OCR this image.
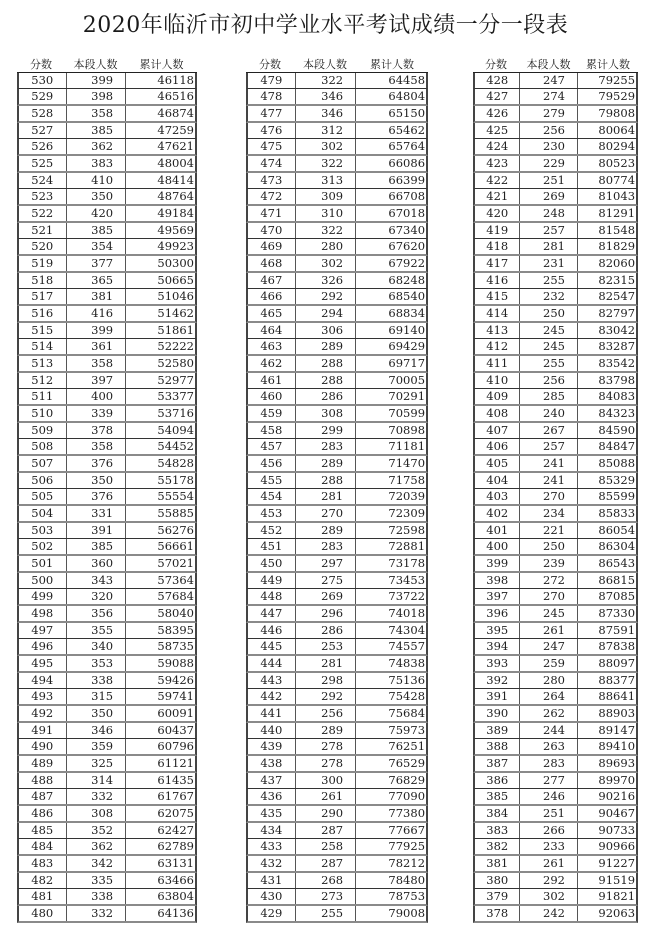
2020年临沂市初中学业水平考试成绩一分一段表
分数	本段人数	累计人数
530	399	46118
529	398	46516
528	358	46874
527	385	47259
526	362	47621
525	383	48004
524	410	48414
523	350	48764
522	420	49184
521	385	49569
520	354	49923
519	377	50300
518	365	50665
517	381	51046
516	416	51462
515	399	51861
514	361	52222
513	358	52580
512	397	52977
511	400	53377
510	339	53716
509	378	54094
508	358	54452
507	376	54828
506	350	55178
505	376	55554
504	331	55885
503	391	56276
502	385	56661
501	360	57021
500	343	57364
499	320	57684
498	356	58040
497	355	58395
496	340	58735
495	353	59088
494	338	59426
493	315	59741
492	350	60091
491	346	60437
490	359	60796
489	325	61121
488	314	61435
487	332	61767
486	308	62075
485	352	62427
484	362	62789
483	342	63131
482	335	63466
481	338	63804
480	332	64136
分数	本段人数	累计人数
479	322	64458
478	346	64804
477	346	65150
476	312	65462
475	302	65764
474	322	66086
473	313	66399
472	309	66708
471	310	67018
470	322	67340
469	280	67620
468	302	67922
467	326	68248
466	292	68540
465	294	68834
464	306	69140
463	289	69429
462	288	69717
461	288	70005
460	286	70291
459	308	70599
458	299	70898
457	283	71181
456	289	71470
455	288	71758
454	281	72039
453	270	72309
452	289	72598
451	283	72881
450	297	73178
449	275	73453
448	269	73722
447	296	74018
446	286	74304
445	253	74557
444	281	74838
443	298	75136
442	292	75428
441	256	75684
440	289	75973
439	278	76251
438	278	76529
437	300	76829
436	261	77090
435	290	77380
434	287	77667
433	258	77925
432	287	78212
431	268	78480
430	273	78753
429	255	79008
分数	本段人数	累计人数
428	247	79255
427	274	79529
426	279	79808
425	256	80064
424	230	80294
423	229	80523
422	251	80774
421	269	81043
420	248	81291
419	257	81548
418	281	81829
417	231	82060
416	255	82315
415	232	82547
414	250	82797
413	245	83042
412	245	83287
411	255	83542
410	256	83798
409	285	84083
408	240	84323
407	267	84590
406	257	84847
405	241	85088
404	241	85329
403	270	85599
402	234	85833
401	221	86054
400	250	86304
399	239	86543
398	272	86815
397	270	87085
396	245	87330
395	261	87591
394	247	87838
393	259	88097
392	280	88377
391	264	88641
390	262	88903
389	244	89147
388	263	89410
387	283	89693
386	277	89970
385	246	90216
384	251	90467
383	266	90733
382	233	90966
381	261	91227
380	292	91519
379	302	91821
378	242	92063
